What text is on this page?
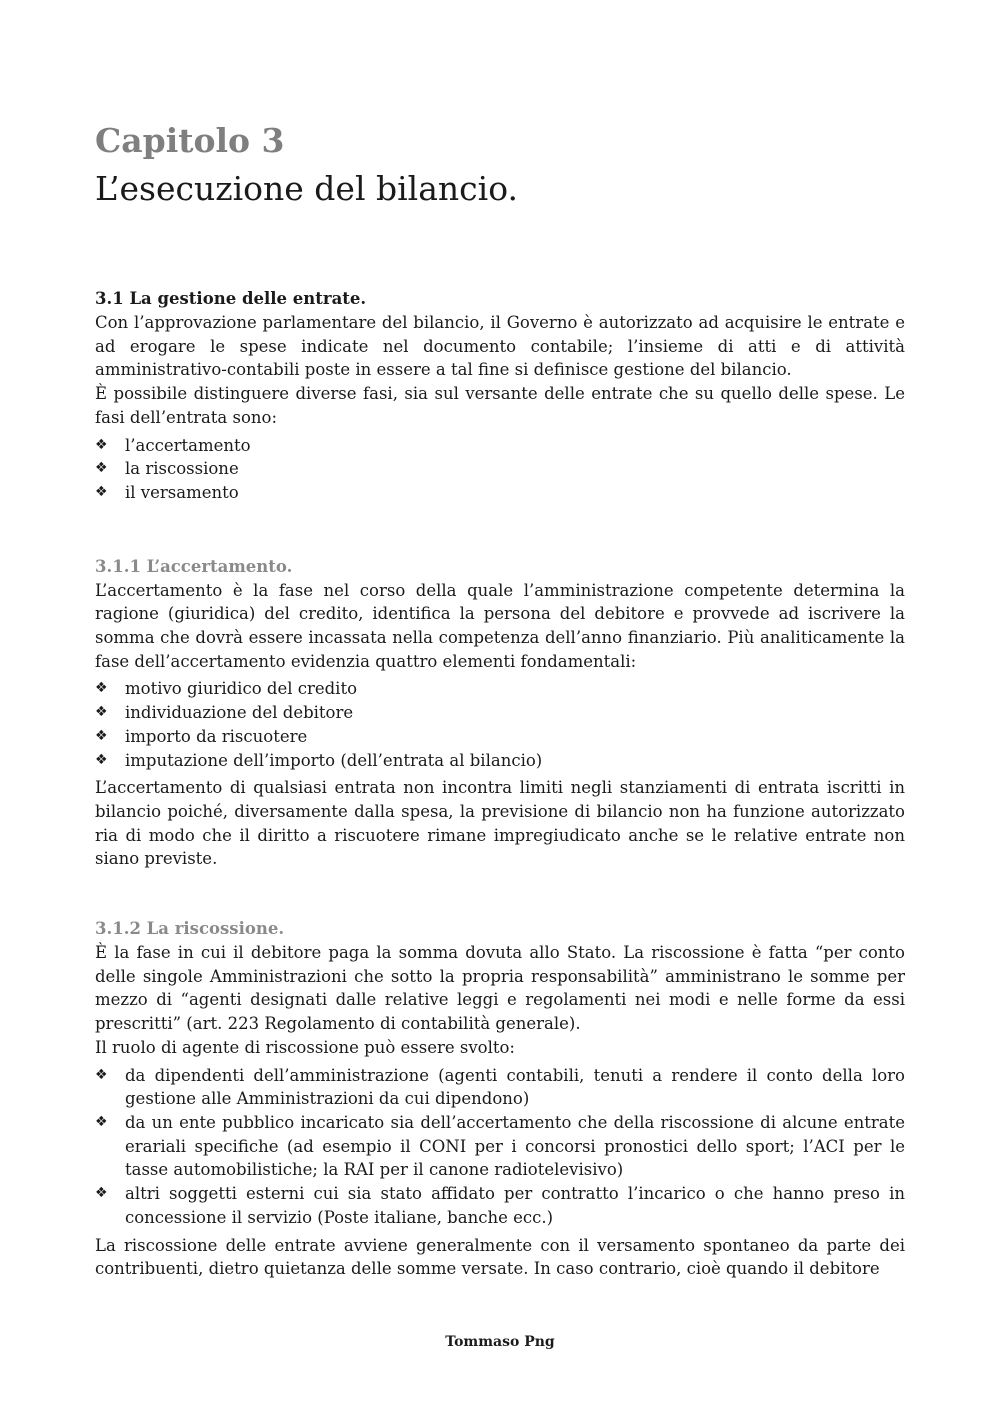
Capitolo 3
L’esecuzione del bilancio.
3.1 La gestione delle entrate.

Con l’approvazione parlamentare del bilancio, il Governo è autorizzato ad acquisire le entrate e ad erogare le spese indicate nel documento contabile; l’insieme di atti e di attività amministrativo-contabili poste in essere a tal fine si definisce gestione del bilancio.

È possibile distinguere diverse fasi, sia sul versante delle entrate che su quello delle spese. Le fasi dell’entrata sono:

❖ l’accertamento
❖ la riscossione
❖ il versamento
3.1.1 L’accertamento.

L’accertamento è la fase nel corso della quale l’amministrazione competente determina la ragione (giuridica) del credito, identifica la persona del debitore e provvede ad iscrivere la somma che dovrà essere incassata nella competenza dell’anno finanziario. Più analiticamente la fase dell’accertamento evidenzia quattro elementi fondamentali:

❖ motivo giuridico del credito
❖ individuazione del debitore
❖ importo da riscuotere
❖ imputazione dell’importo (dell’entrata al bilancio)

L’accertamento di qualsiasi entrata non incontra limiti negli stanziamenti di entrata iscritti in bilancio poiché, diversamente dalla spesa, la previsione di bilancio non ha funzione autorizzato ria di modo che il diritto a riscuotere rimane impregiudicato anche se le relative entrate non siano previste.

3.1.2 La riscossione.

È la fase in cui il debitore paga la somma dovuta allo Stato. La riscossione è fatta “per conto delle singole Amministrazioni che sotto la propria responsabilità” amministrano le somme per mezzo di “agenti designati dalle relative leggi e regolamenti nei modi e nelle forme da essi prescritti” (art. 223 Regolamento di contabilità generale).

Il ruolo di agente di riscossione può essere svolto:

❖ da dipendenti dell’amministrazione (agenti contabili, tenuti a rendere il conto della loro gestione alle Amministrazioni da cui dipendono)
❖ da un ente pubblico incaricato sia dell’accertamento che della riscossione di alcune entrate erariali specifiche (ad esempio il CONI per i concorsi pronostici dello sport; l’ACI per le tasse automobilistiche; la RAI per il canone radiotelevisivo)
❖ altri soggetti esterni cui sia stato affidato per contratto l’incarico o che hanno preso in concessione il servizio (Poste italiane, banche ecc.)

La riscossione delle entrate avviene generalmente con il versamento spontaneo da parte dei contribuenti, dietro quietanza delle somme versate. In caso contrario, cioè quando il debitore

Tommaso Png
